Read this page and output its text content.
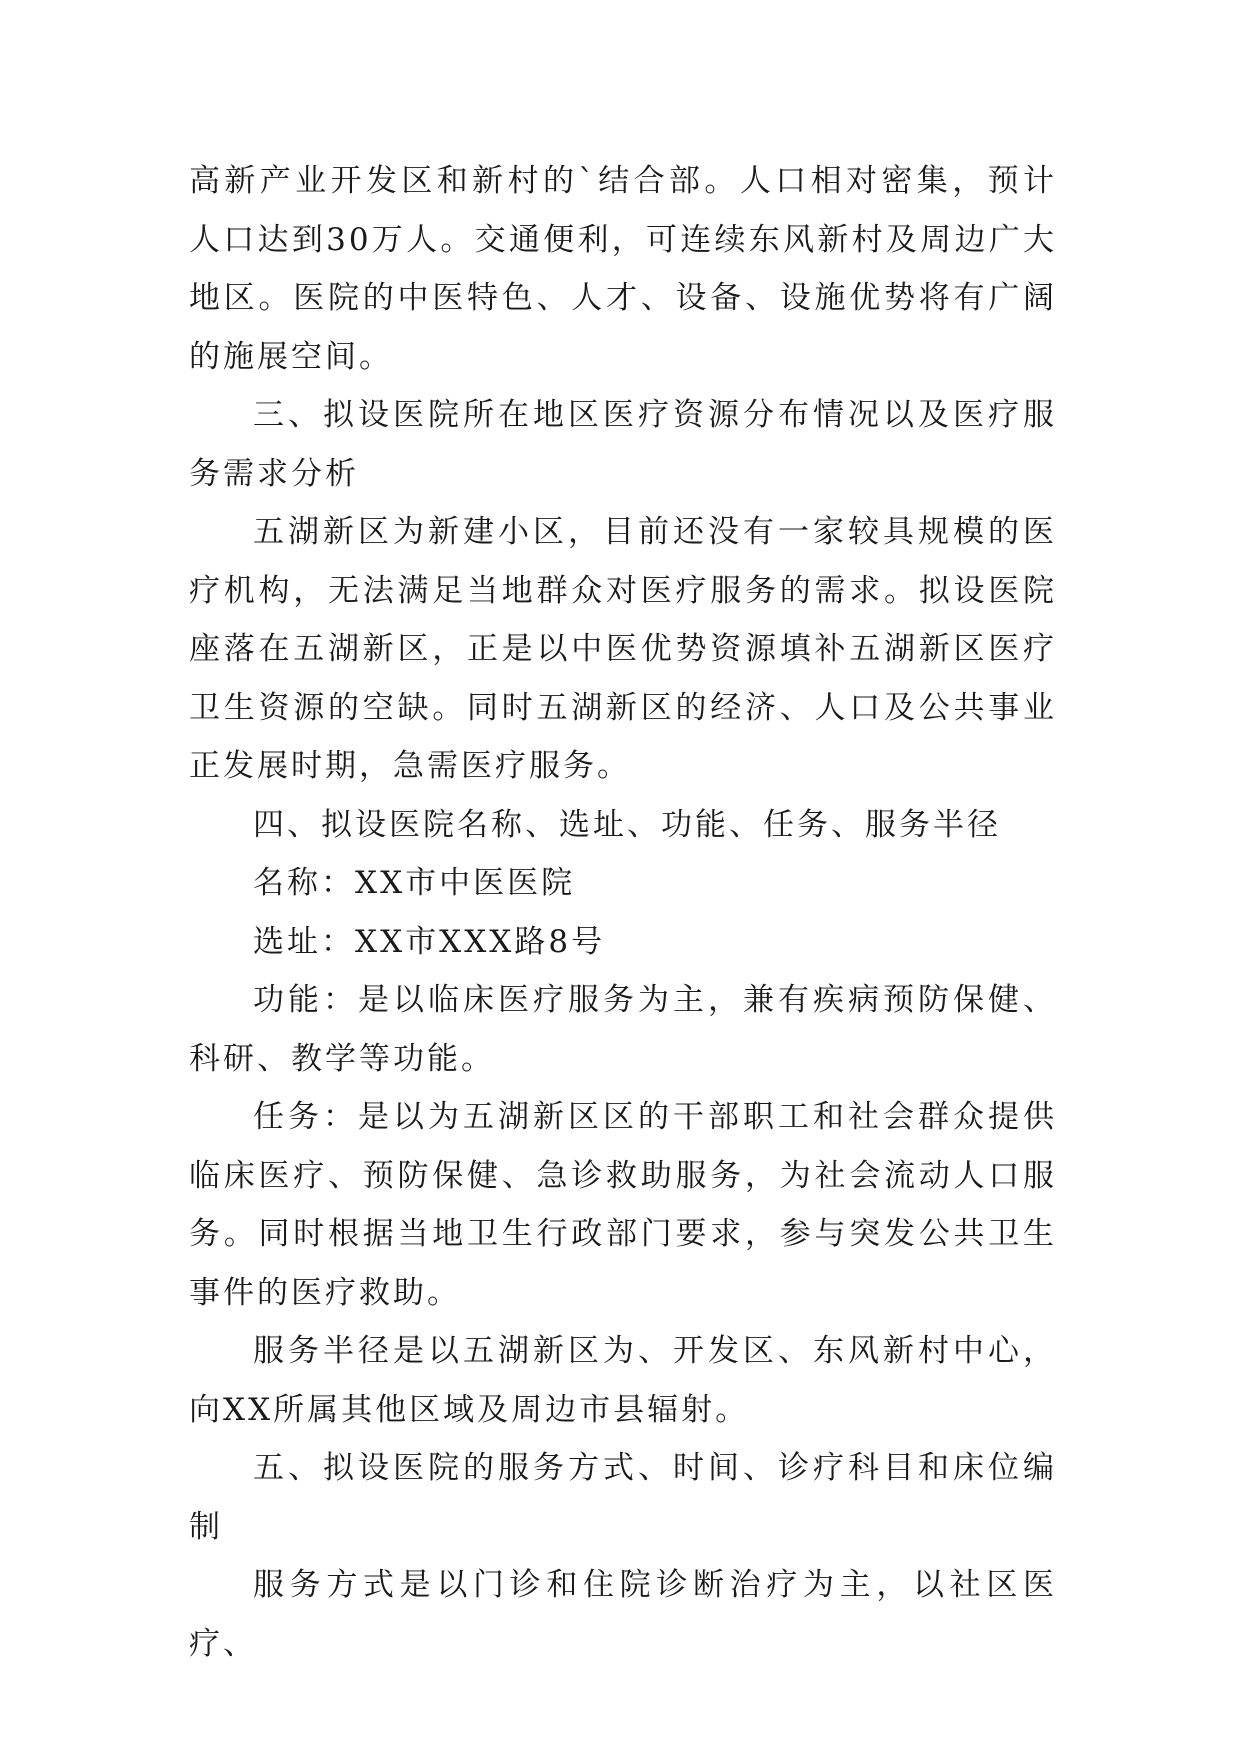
高新产业开发区和新村的`结合部。人口相对密集，预计人口达到30万人。交通便利，可连续东风新村及周边广大地区。医院的中医特色、人才、设备、设施优势将有广阔的施展空间。

三、拟设医院所在地区医疗资源分布情况以及医疗服务需求分析

五湖新区为新建小区，目前还没有一家较具规模的医疗机构，无法满足当地群众对医疗服务的需求。拟设医院座落在五湖新区，正是以中医优势资源填补五湖新区医疗卫生资源的空缺。同时五湖新区的经济、人口及公共事业正发展时期，急需医疗服务。

四、拟设医院名称、选址、功能、任务、服务半径

名称：XX市中医医院

选址：XX市XXX路8号

功能：是以临床医疗服务为主，兼有疾病预防保健、科研、教学等功能。

任务：是以为五湖新区区的干部职工和社会群众提供临床医疗、预防保健、急诊救助服务，为社会流动人口服务。同时根据当地卫生行政部门要求，参与突发公共卫生事件的医疗救助。

服务半径是以五湖新区为、开发区、东风新村中心，向XX所属其他区域及周边市县辐射。

五、拟设医院的服务方式、时间、诊疗科目和床位编制

服务方式是以门诊和住院诊断治疗为主，以社区医疗、
